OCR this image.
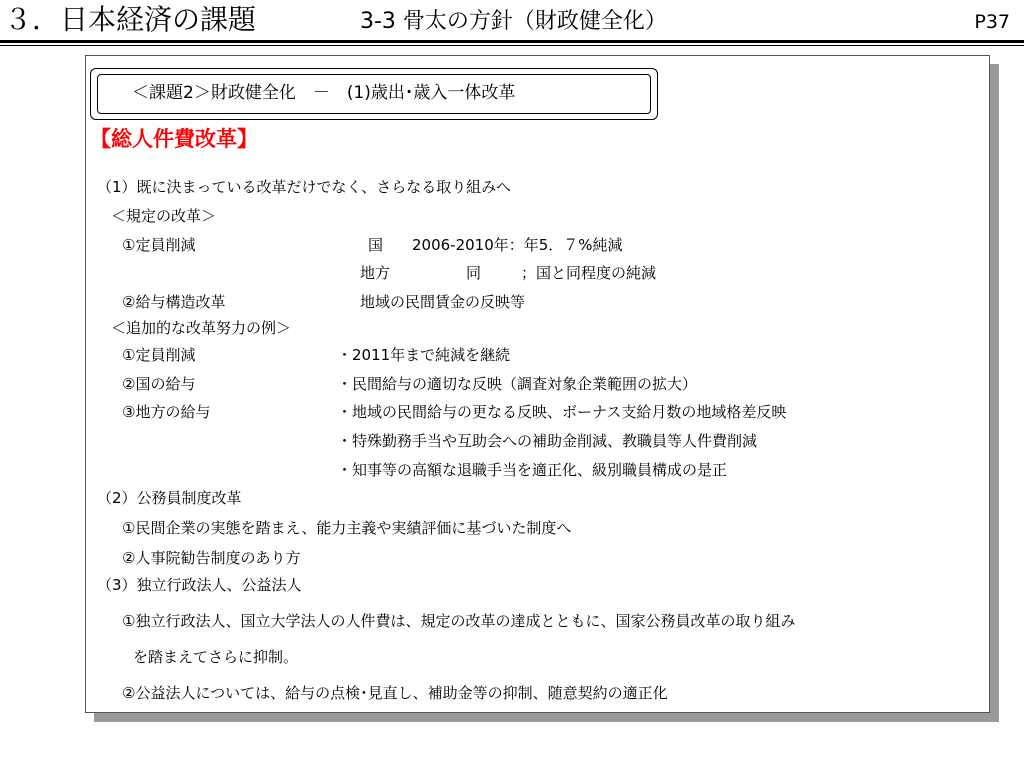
３．日本経済の課題	3-3 骨太の方針（財政健全化）	P37
＜課題2＞財政健全化　－　(1)歳出･歳入一体改革
【総人件費改革】
（1）既に決まっている改革だけでなく、さらなる取り組みへ
＜規定の改革＞
①定員削減	国 2006-2010年：年5．７%純減
地方	同	；国と同程度の純減
②給与構造改革	地域の民間賃金の反映等
＜追加的な改革努力の例＞
①定員削減	・2011年まで純減を継続
②国の給与	・民間給与の適切な反映（調査対象企業範囲の拡大）
③地方の給与	・地域の民間給与の更なる反映、ボーナス支給月数の地域格差反映
・特殊勤務手当や互助会への補助金削減、教職員等人件費削減
・知事等の高額な退職手当を適正化、級別職員構成の是正
（2）公務員制度改革
①民間企業の実態を踏まえ、能力主義や実績評価に基づいた制度へ
②人事院勧告制度のあり方
（3）独立行政法人、公益法人
①独立行政法人、国立大学法人の人件費は、規定の改革の達成とともに、国家公務員改革の取り組み
を踏まえてさらに抑制。
②公益法人については、給与の点検･見直し、補助金等の抑制、随意契約の適正化
